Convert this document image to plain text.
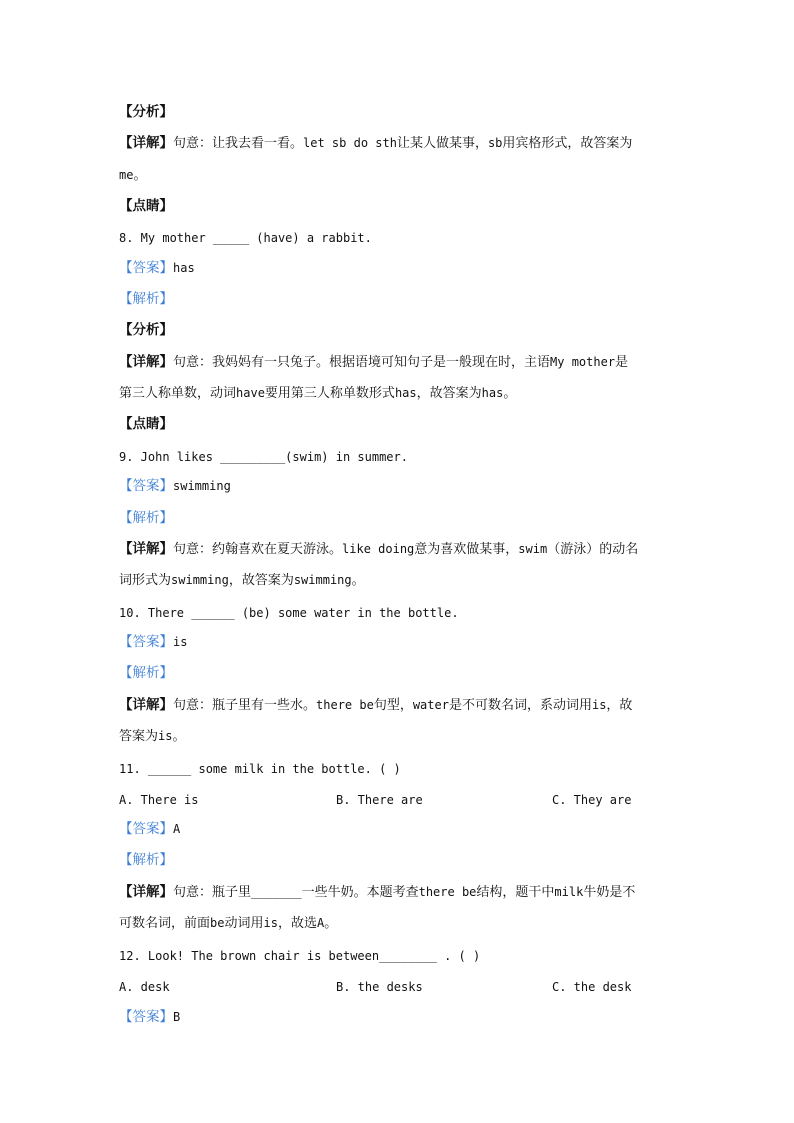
【分析】
【详解】句意：让我去看一看。let sb do sth让某人做某事，sb用宾格形式，故答案为
me。
【点睛】
8. My mother _____ (have) a rabbit.
【答案】has
【解析】
【分析】
【详解】句意：我妈妈有一只兔子。根据语境可知句子是一般现在时，主语My mother是
第三人称单数，动词have要用第三人称单数形式has，故答案为has。
【点睛】
9. John likes _________(swim) in summer.
【答案】swimming
【解析】
【详解】句意：约翰喜欢在夏天游泳。like doing意为喜欢做某事，swim（游泳）的动名
词形式为swimming，故答案为swimming。
10. There ______ (be) some water in the bottle.
【答案】is
【解析】
【详解】句意：瓶子里有一些水。there be句型，water是不可数名词，系动词用is，故
答案为is。
11. ______ some milk in the bottle. ( )
A. There is	B. There are	C. They are
【答案】A
【解析】
【详解】句意：瓶子里_______一些牛奶。本题考查there be结构，题干中milk牛奶是不
可数名词，前面be动词用is，故选A。
12. Look! The brown chair is between________ . ( )
A. desk	B. the desks	C. the desk
【答案】B
